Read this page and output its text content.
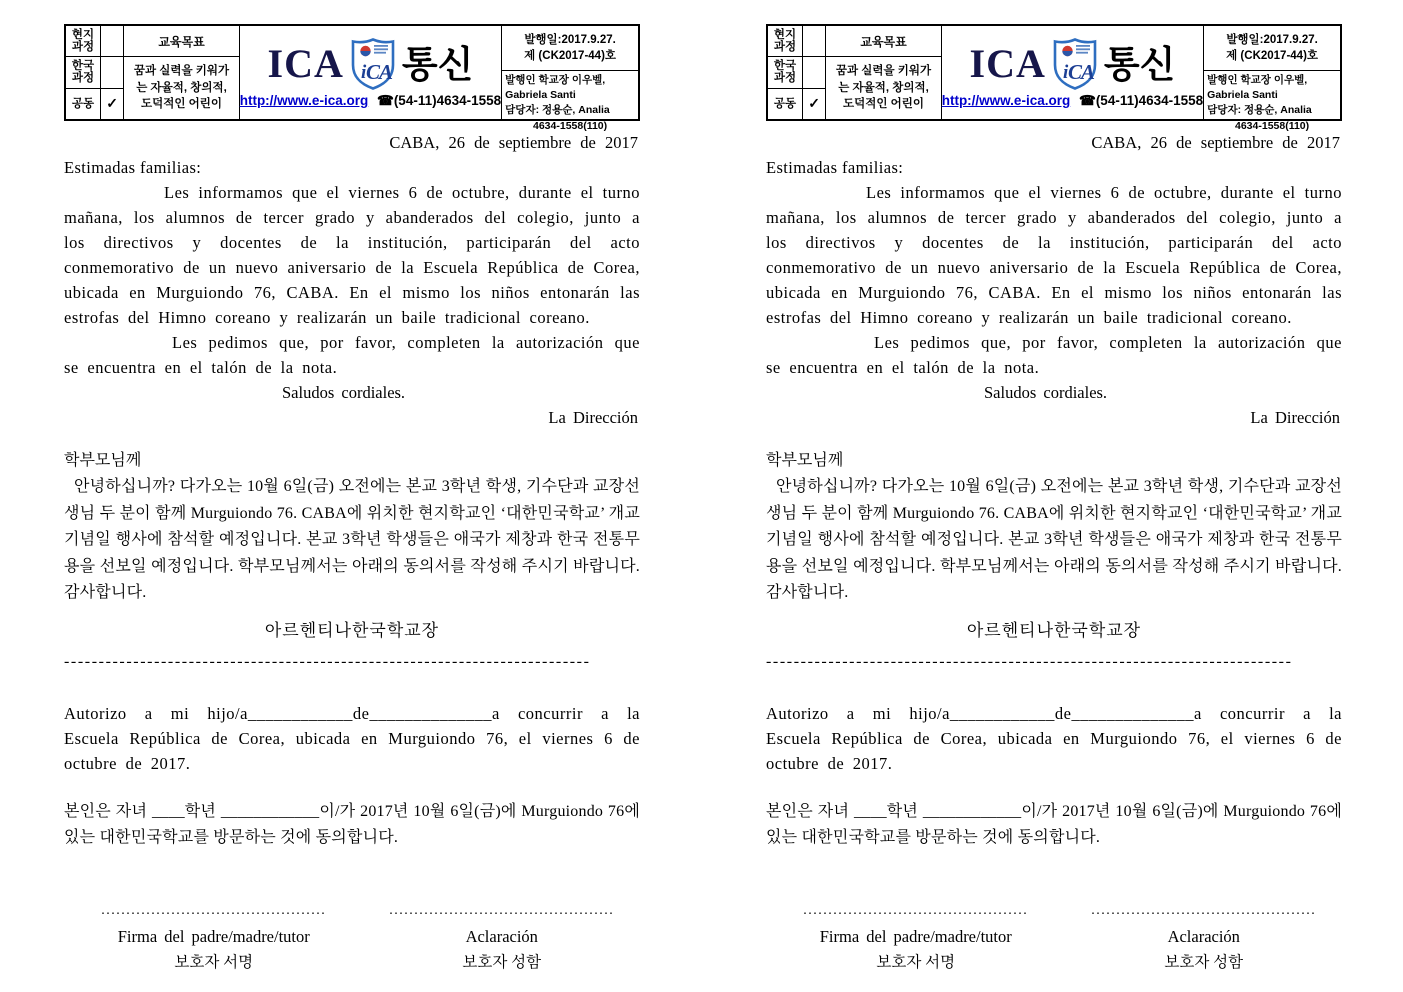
현지과정
한국과정
공동 ✓
교육목표
꿈과 실력을 키워가는 자율적, 창의적, 도덕적인 어린이
ICA i C
A 통신
http://www.e-ica.org ☎(54-11)4634-1558
발행일:2017.9.27.
제 (CK2017-44)호
발행인 학교장 이우벨, Gabriela Santi
담당자: 정용순, Analia
4634-1558(110)
CABA, 26 de septiembre de 2017
Estimadas familias:
Les informamos que el viernes 6 de octubre, durante el turno mañana, los alumnos de tercer grado y abanderados del colegio, junto a los directivos y docentes de la institución, participarán del acto conmemorativo de un nuevo aniversario de la Escuela República de Corea, ubicada en Murguiondo 76, CABA. En el mismo los niños entonarán las estrofas del Himno coreano y realizarán un baile tradicional coreano.
Les pedimos que, por favor, completen la autorización que se encuentra en el talón de la nota.
Saludos cordiales.
La Dirección
학부모님께
안녕하십니까? 다가오는 10월 6일(금) 오전에는 본교 3학년 학생, 기수단과 교장선생님 두 분이 함께 Murguiondo 76. CABA에 위치한 현지학교인 ‘대한민국학교’ 개교기념일 행사에 참석할 예정입니다. 본교 3학년 학생들은 애국가 제창과 한국 전통무용을 선보일 예정입니다. 학부모님께서는 아래의 동의서를 작성해 주시기 바랍니다. 감사합니다.
아르헨티나한국학교장
----------------------------------------------------------------------------
Autorizo a mi hijo/a____________de______________a concurrir a la Escuela República de Corea, ubicada en Murguiondo 76, el viernes 6 de octubre de 2017.
본인은 자녀 ____학년 ____________이/가 2017년 10월 6일(금)에 Murguiondo 76에 있는 대한민국학교를 방문하는 것에 동의합니다.
.............................................
Firma del padre/madre/tutor
보호자 서명
.............................................
Aclaración
보호자 성함
현지과정
한국과정
공동 ✓
교육목표
꿈과 실력을 키워가는 자율적, 창의적, 도덕적인 어린이
ICA i C
A 통신
http://www.e-ica.org ☎(54-11)4634-1558
발행일:2017.9.27.
제 (CK2017-44)호
발행인 학교장 이우벨, Gabriela Santi
담당자: 정용순, Analia
4634-1558(110)
CABA, 26 de septiembre de 2017
Estimadas familias:
Les informamos que el viernes 6 de octubre, durante el turno mañana, los alumnos de tercer grado y abanderados del colegio, junto a los directivos y docentes de la institución, participarán del acto conmemorativo de un nuevo aniversario de la Escuela República de Corea, ubicada en Murguiondo 76, CABA. En el mismo los niños entonarán las estrofas del Himno coreano y realizarán un baile tradicional coreano.
Les pedimos que, por favor, completen la autorización que se encuentra en el talón de la nota.
Saludos cordiales.
La Dirección
학부모님께
안녕하십니까? 다가오는 10월 6일(금) 오전에는 본교 3학년 학생, 기수단과 교장선생님 두 분이 함께 Murguiondo 76. CABA에 위치한 현지학교인 ‘대한민국학교’ 개교기념일 행사에 참석할 예정입니다. 본교 3학년 학생들은 애국가 제창과 한국 전통무용을 선보일 예정입니다. 학부모님께서는 아래의 동의서를 작성해 주시기 바랍니다. 감사합니다.
아르헨티나한국학교장
----------------------------------------------------------------------------
Autorizo a mi hijo/a____________de______________a concurrir a la Escuela República de Corea, ubicada en Murguiondo 76, el viernes 6 de octubre de 2017.
본인은 자녀 ____학년 ____________이/가 2017년 10월 6일(금)에 Murguiondo 76에 있는 대한민국학교를 방문하는 것에 동의합니다.
.............................................
Firma del padre/madre/tutor
보호자 서명
.............................................
Aclaración
보호자 성함
